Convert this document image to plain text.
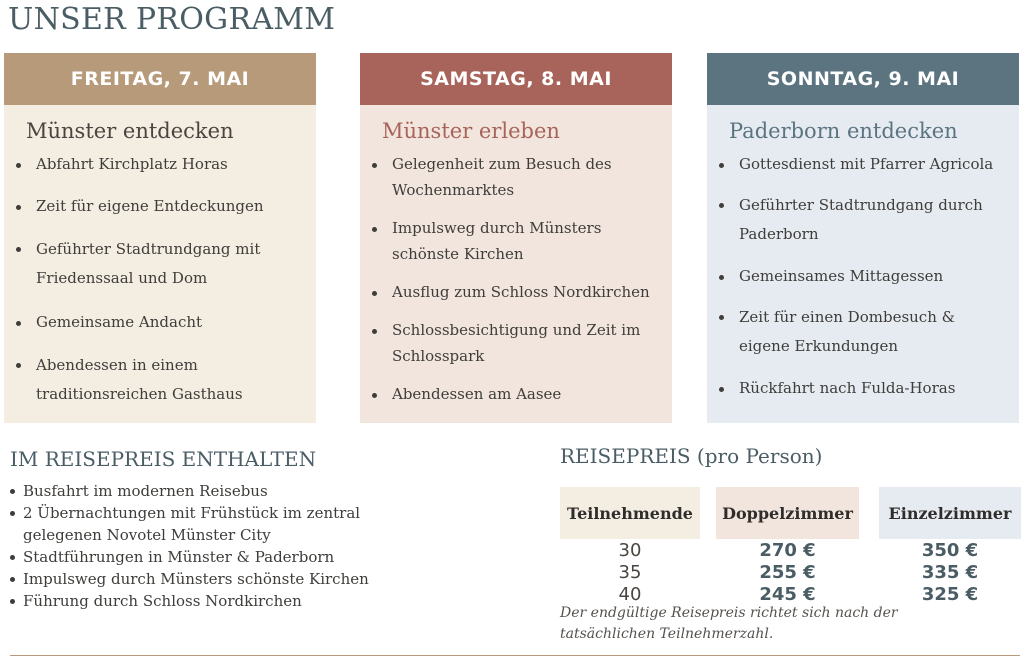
UNSER PROGRAMM
FREITAG, 7. MAI
Münster entdecken
Abfahrt Kirchplatz Horas
Zeit für eigene Entdeckungen
Geführter Stadtrundgang mit Friedenssaal und Dom
Gemeinsame Andacht
Abendessen in einem traditionsreichen Gasthaus
SAMSTAG, 8. MAI
Münster erleben
Gelegenheit zum Besuch des Wochenmarktes
Impulsweg durch Münsters schönste Kirchen
Ausflug zum Schloss Nordkirchen
Schlossbesichtigung und Zeit im Schlosspark
Abendessen am Aasee
SONNTAG, 9. MAI
Paderborn entdecken
Gottesdienst mit Pfarrer Agricola
Geführter Stadtrundgang durch Paderborn
Gemeinsames Mittagessen
Zeit für einen Dombesuch & eigene Erkundungen
Rückfahrt nach Fulda-Horas
IM REISEPREIS ENTHALTEN
Busfahrt im modernen Reisebus
2 Übernachtungen mit Frühstück im zentral gelegenen Novotel Münster City
Stadtführungen in Münster & Paderborn
Impulsweg durch Münsters schönste Kirchen
Führung durch Schloss Nordkirchen
REISEPREIS (pro Person)
Teilnehmende	Doppelzimmer	Einzelzimmer
30
35
40
270 €
255 €
245 €
350 €
335 €
325 €
Der endgültige Reisepreis richtet sich nach der tatsächlichen Teilnehmerzahl.
